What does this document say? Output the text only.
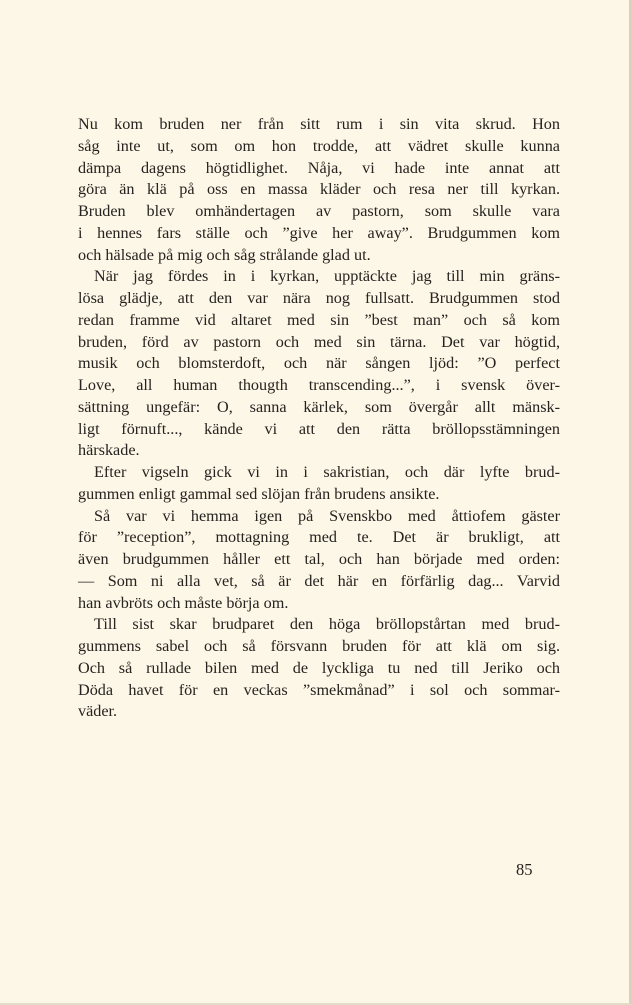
Nu kom bruden ner från sitt rum i sin vita skrud. Hon
såg inte ut, som om hon trodde, att vädret skulle kunna
dämpa dagens högtidlighet. Nåja, vi hade inte annat att
göra än klä på oss en massa kläder och resa ner till kyrkan.
Bruden blev omhändertagen av pastorn, som skulle vara
i hennes fars ställe och ”give her away”. Brudgummen kom
och hälsade på mig och såg strålande glad ut.
När jag fördes in i kyrkan, upptäckte jag till min gräns-
lösa glädje, att den var nära nog fullsatt. Brudgummen stod
redan framme vid altaret med sin ”best man” och så kom
bruden, förd av pastorn och med sin tärna. Det var högtid,
musik och blomsterdoft, och när sången ljöd: ”O perfect
Love, all human thougth transcending...”, i svensk över-
sättning ungefär: O, sanna kärlek, som övergår allt mänsk-
ligt förnuft..., kände vi att den rätta bröllopsstämningen
härskade.
Efter vigseln gick vi in i sakristian, och där lyfte brud-
gummen enligt gammal sed slöjan från brudens ansikte.
Så var vi hemma igen på Svenskbo med åttiofem gäster
för ”reception”, mottagning med te. Det är brukligt, att
även brudgummen håller ett tal, och han började med orden:
— Som ni alla vet, så är det här en förfärlig dag... Varvid
han avbröts och måste börja om.
Till sist skar brudparet den höga bröllopstårtan med brud-
gummens sabel och så försvann bruden för att klä om sig.
Och så rullade bilen med de lyckliga tu ned till Jeriko och
Döda havet för en veckas ”smekmånad” i sol och sommar-
väder.
85
